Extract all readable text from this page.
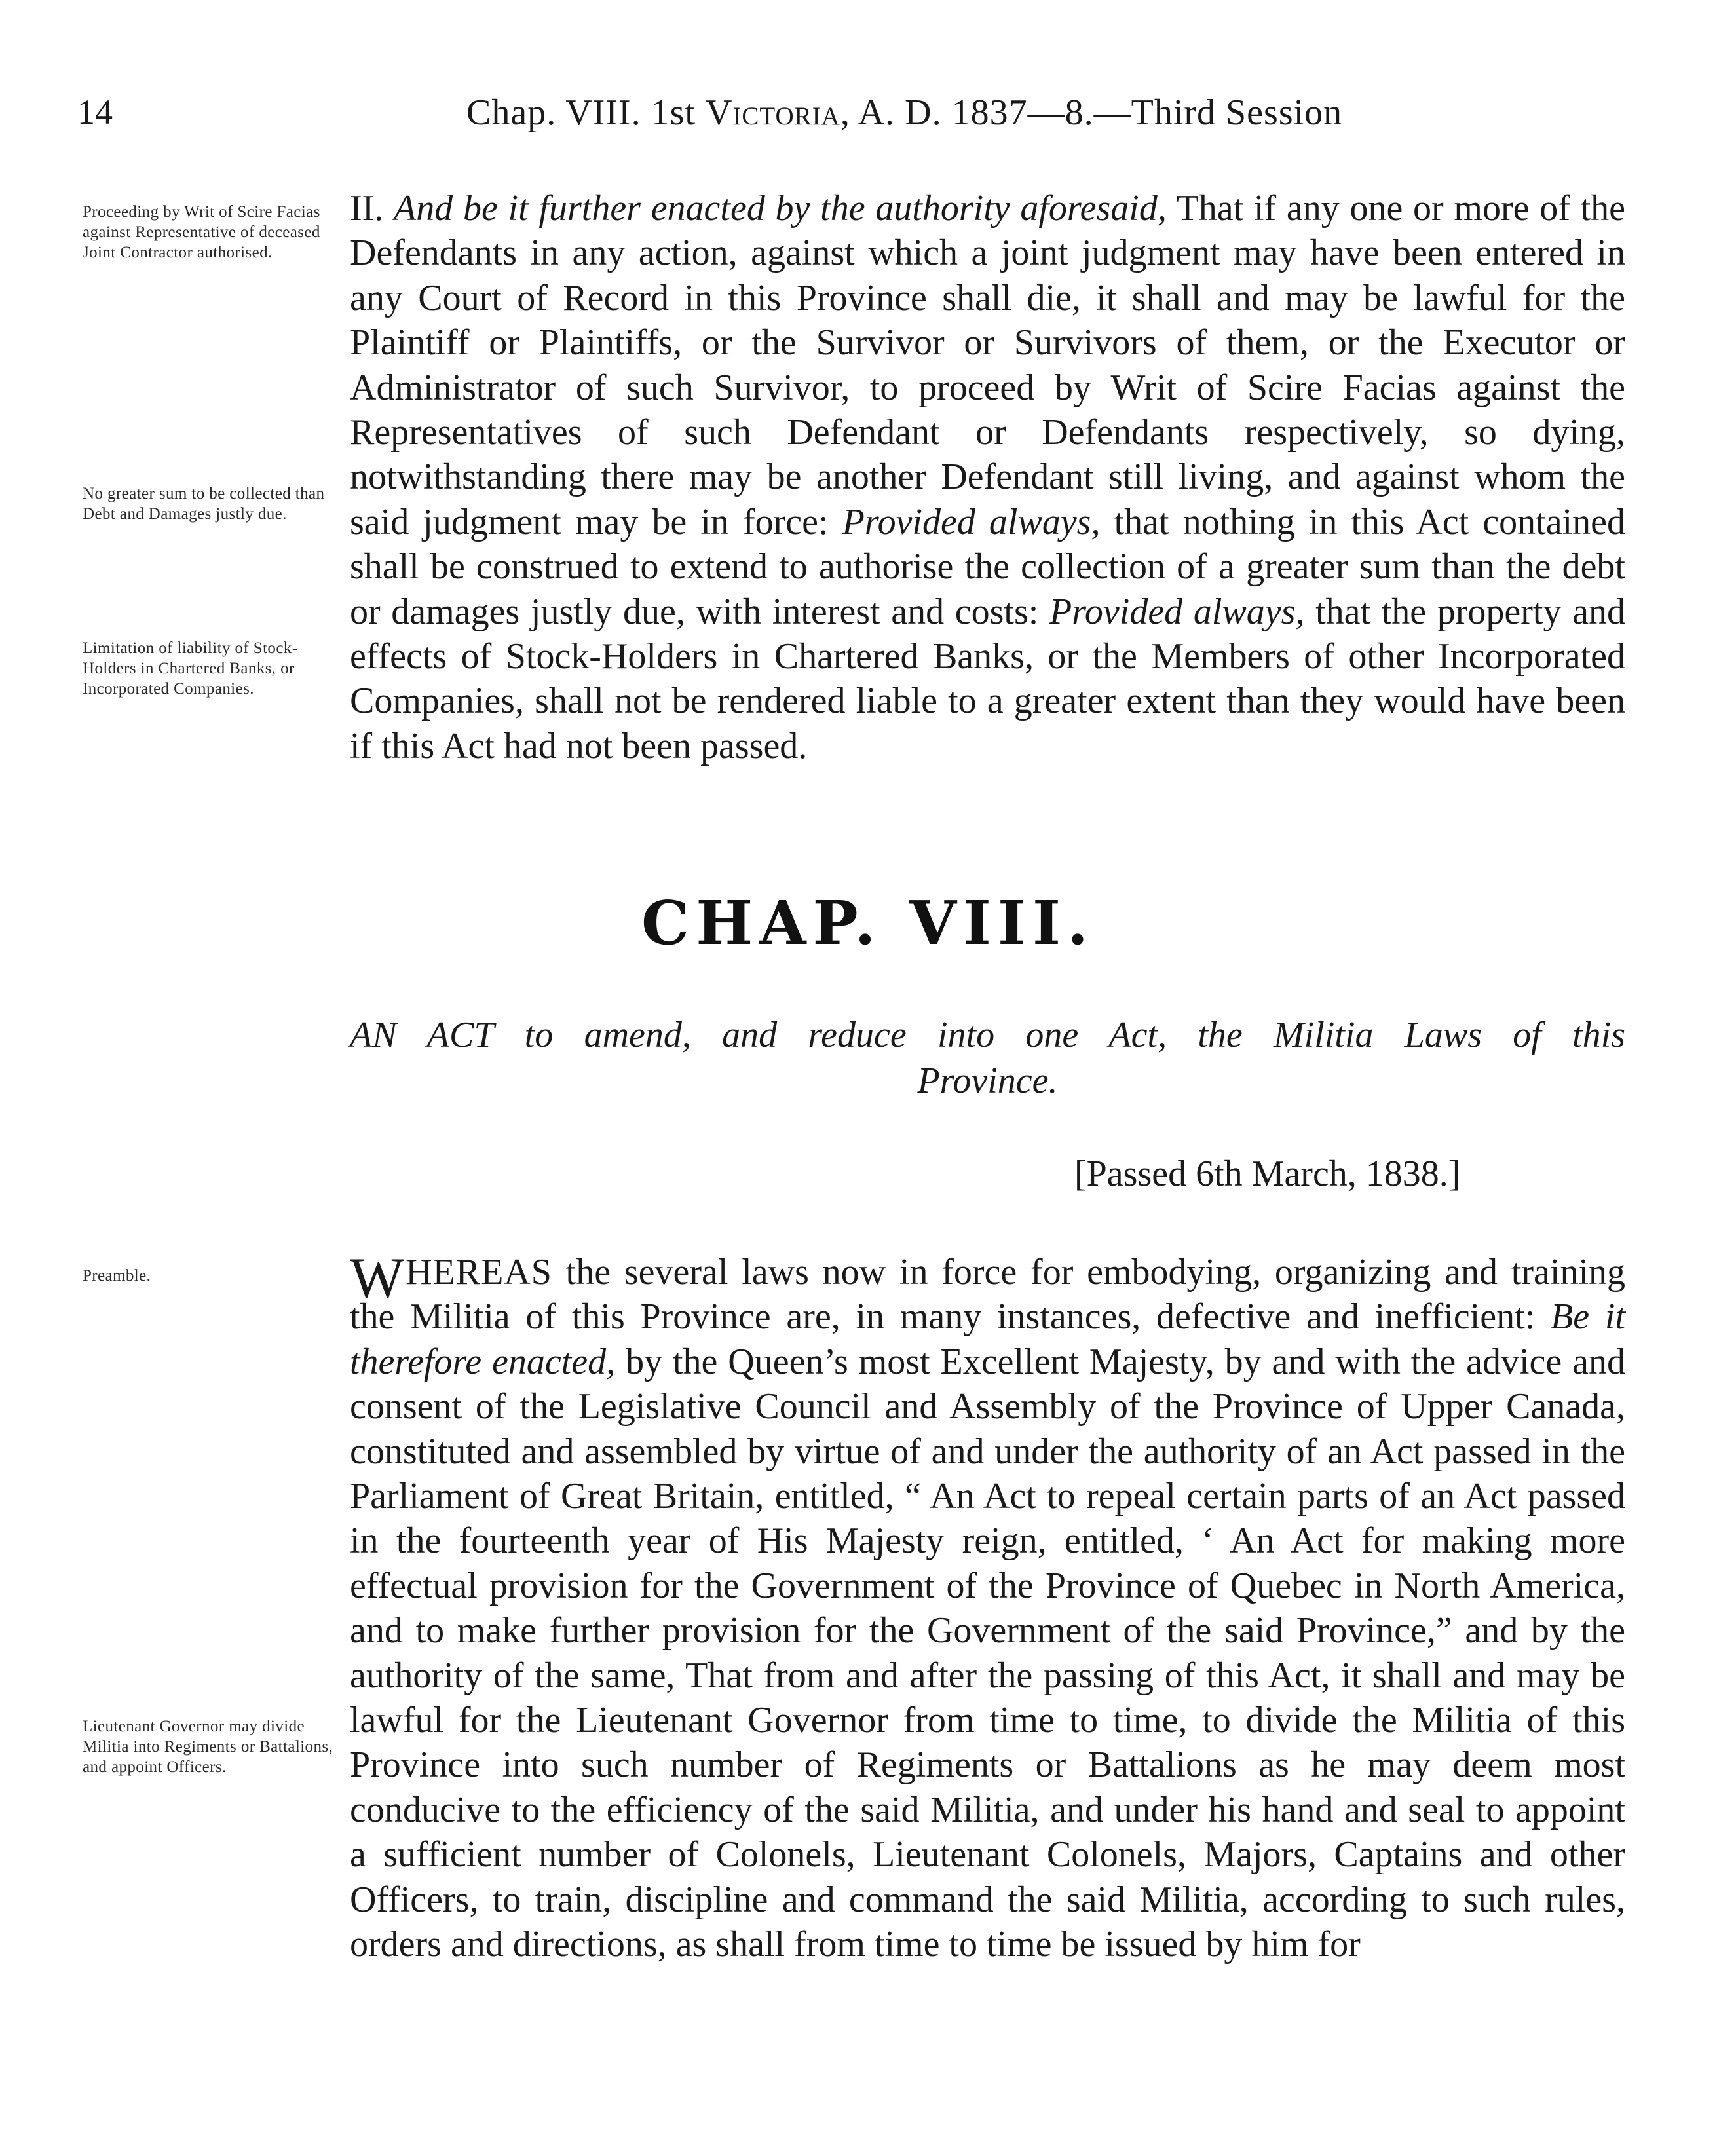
14	Chap. VIII. 1st Victoria, A. D. 1837—8.—Third Session
Proceeding by Writ of Scire Facias against Representative of deceased Joint Contractor authorised.
No greater sum to be collected than Debt and Damages justly due.
Limitation of liability of Stock-Holders in Chartered Banks, or Incorporated Companies.
Preamble.
Lieutenant Governor may divide Militia into Regiments or Battalions, and appoint Officers.

II. And be it further enacted by the authority aforesaid, That if any one or more of the Defendants in any action, against which a joint judgment may have been entered in any Court of Record in this Province shall die, it shall and may be lawful for the Plaintiff or Plaintiffs, or the Survivor or Survivors of them, or the Executor or Administrator of such Survivor, to proceed by Writ of Scire Facias against the Representatives of such Defendant or Defendants respectively, so dying, notwithstanding there may be another Defendant still living, and against whom the said judgment may be in force: Provided always, that nothing in this Act contained shall be construed to extend to authorise the collection of a greater sum than the debt or damages justly due, with interest and costs: Provided always, that the property and effects of Stock-Holders in Chartered Banks, or the Members of other Incorporated Companies, shall not be rendered liable to a greater extent than they would have been if this Act had not been passed.

CHAP. VIII.
AN ACT to amend, and reduce into one Act, the Militia Laws of this
Province.
[Passed 6th March, 1838.]

WHEREAS the several laws now in force for embodying, organizing and training the Militia of this Province are, in many instances, defective and inefficient: Be it therefore enacted, by the Queen’s most Excellent Majesty, by and with the advice and consent of the Legislative Council and Assembly of the Province of Upper Canada, constituted and assembled by virtue of and under the authority of an Act passed in the Parliament of Great Britain, entitled, “ An Act to repeal certain parts of an Act passed in the fourteenth year of His Majesty reign, entitled, ‘ An Act for making more effectual provision for the Government of the Province of Quebec in North America, and to make further provision for the Government of the said Province,” and by the authority of the same, That from and after the passing of this Act, it shall and may be lawful for the Lieutenant Governor from time to time, to divide the Militia of this Province into such number of Regiments or Battalions as he may deem most conducive to the efficiency of the said Militia, and under his hand and seal to appoint a sufficient number of Colonels, Lieutenant Colonels, Majors, Captains and other Officers, to train, discipline and command the said Militia, according to such rules, orders and directions, as shall from time to time be issued by him for
